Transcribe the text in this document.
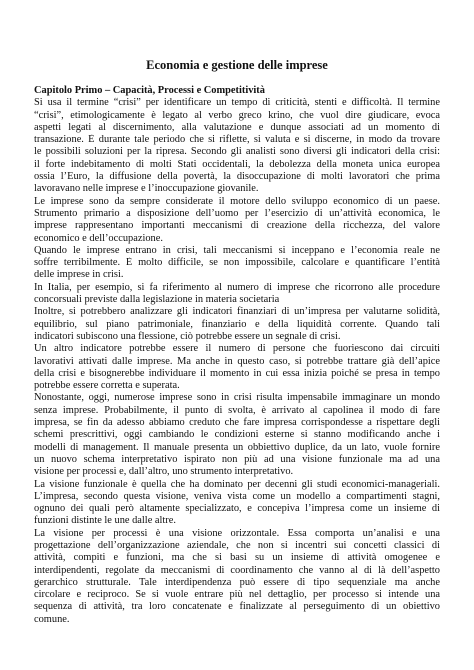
Economia e gestione delle imprese
Capitolo Primo – Capacità, Processi e Competitività
Si usa il termine “crisi” per identificare un tempo di criticità, stenti e difficoltà. Il termine
“crisi”, etimologicamente è legato al verbo greco krino, che vuol dire giudicare, evoca
aspetti legati al discernimento, alla valutazione e dunque associati ad un momento di
transazione. È durante tale periodo che si riflette, si valuta e si discerne, in modo da trovare
le possibili soluzioni per la ripresa. Secondo gli analisti sono diversi gli indicatori della crisi:
il forte indebitamento di molti Stati occidentali, la debolezza della moneta unica europea
ossia l’Euro, la diffusione della povertà, la disoccupazione di molti lavoratori che prima
lavoravano nelle imprese e l’inoccupazione giovanile.
Le imprese sono da sempre considerate il motore dello sviluppo economico di un paese.
Strumento primario a disposizione dell’uomo per l’esercizio di un’attività economica, le
imprese rappresentano importanti meccanismi di creazione della ricchezza, del valore
economico e dell’occupazione.
Quando le imprese entrano in crisi, tali meccanismi si inceppano e l’economia reale ne
soffre terribilmente. È molto difficile, se non impossibile, calcolare e quantificare l’entità
delle imprese in crisi.
In Italia, per esempio, si fa riferimento al numero di imprese che ricorrono alle procedure
concorsuali previste dalla legislazione in materia societaria
Inoltre, si potrebbero analizzare gli indicatori finanziari di un’impresa per valutarne solidità,
equilibrio, sul piano patrimoniale, finanziario e della liquidità corrente. Quando tali
indicatori subiscono una flessione, ciò potrebbe essere un segnale di crisi.
Un altro indicatore potrebbe essere il numero di persone che fuoriescono dai circuiti
lavorativi attivati dalle imprese. Ma anche in questo caso, si potrebbe trattare già dell’apice
della crisi e bisognerebbe individuare il momento in cui essa inizia poiché se presa in tempo
potrebbe essere corretta e superata.
Nonostante, oggi, numerose imprese sono in crisi risulta impensabile immaginare un mondo
senza imprese. Probabilmente, il punto di svolta, è arrivato al capolinea il modo di fare
impresa, se fin da adesso abbiamo creduto che fare impresa corrispondesse a rispettare degli
schemi prescrittivi, oggi cambiando le condizioni esterne si stanno modificando anche i
modelli di management. Il manuale presenta un obbiettivo duplice, da un lato, vuole fornire
un nuovo schema interpretativo ispirato non più ad una visione funzionale ma ad una
visione per processi e, dall’altro, uno strumento interpretativo.
La visione funzionale è quella che ha dominato per decenni gli studi economici-manageriali.
L’impresa, secondo questa visione, veniva vista come un modello a compartimenti stagni,
ognuno dei quali però altamente specializzato, e concepiva l’impresa come un insieme di
funzioni distinte le une dalle altre.
La visione per processi è una visione orizzontale. Essa comporta un’analisi e una
progettazione dell’organizzazione aziendale, che non si incentri sui concetti classici di
attività, compiti e funzioni, ma che si basi su un insieme di attività omogenee e
interdipendenti, regolate da meccanismi di coordinamento che vanno al di là dell’aspetto
gerarchico strutturale. Tale interdipendenza può essere di tipo sequenziale ma anche
circolare e reciproco. Se si vuole entrare più nel dettaglio, per processo si intende una
sequenza di attività, tra loro concatenate e finalizzate al perseguimento di un obiettivo
comune.
